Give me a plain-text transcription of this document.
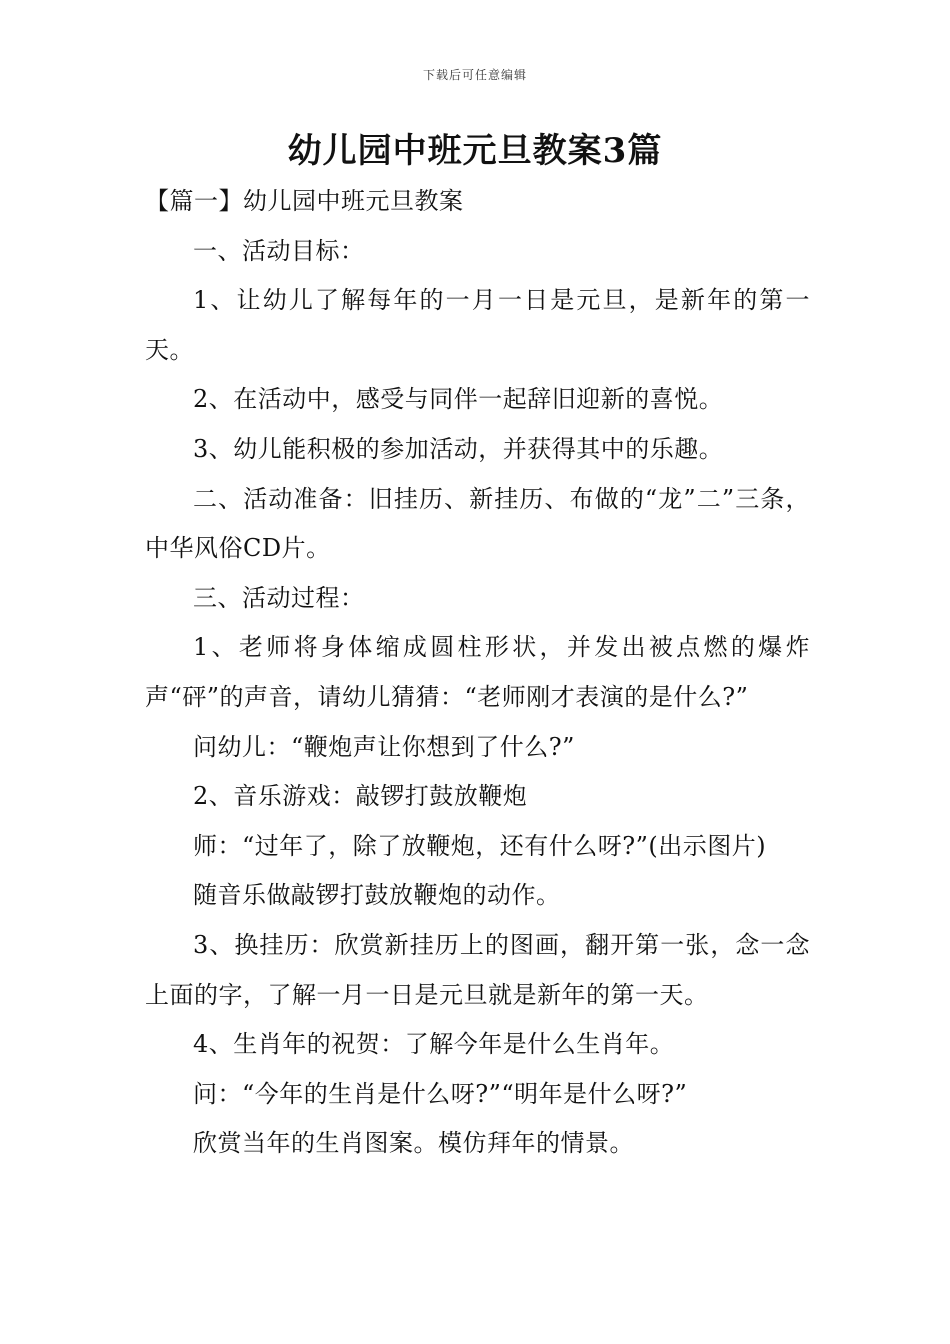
下载后可任意编辑
幼儿园中班元旦教案3篇

【篇一】幼儿园中班元旦教案

一、活动目标：

1、让幼儿了解每年的一月一日是元旦，是新年的第一天。

2、在活动中，感受与同伴一起辞旧迎新的喜悦。

3、幼儿能积极的参加活动，并获得其中的乐趣。

二、活动准备：旧挂历、新挂历、布做的“龙”二”三条，中华风俗CD片。

三、活动过程：

1、老师将身体缩成圆柱形状，并发出被点燃的爆炸声“砰”的声音，请幼儿猜猜：“老师刚才表演的是什么?”

问幼儿：“鞭炮声让你想到了什么?”

2、音乐游戏：敲锣打鼓放鞭炮

师：“过年了，除了放鞭炮，还有什么呀?”(出示图片)

随音乐做敲锣打鼓放鞭炮的动作。

3、换挂历：欣赏新挂历上的图画，翻开第一张，念一念上面的字，了解一月一日是元旦就是新年的第一天。

4、生肖年的祝贺：了解今年是什么生肖年。

问：“今年的生肖是什么呀?”“明年是什么呀?”

欣赏当年的生肖图案。模仿拜年的情景。
